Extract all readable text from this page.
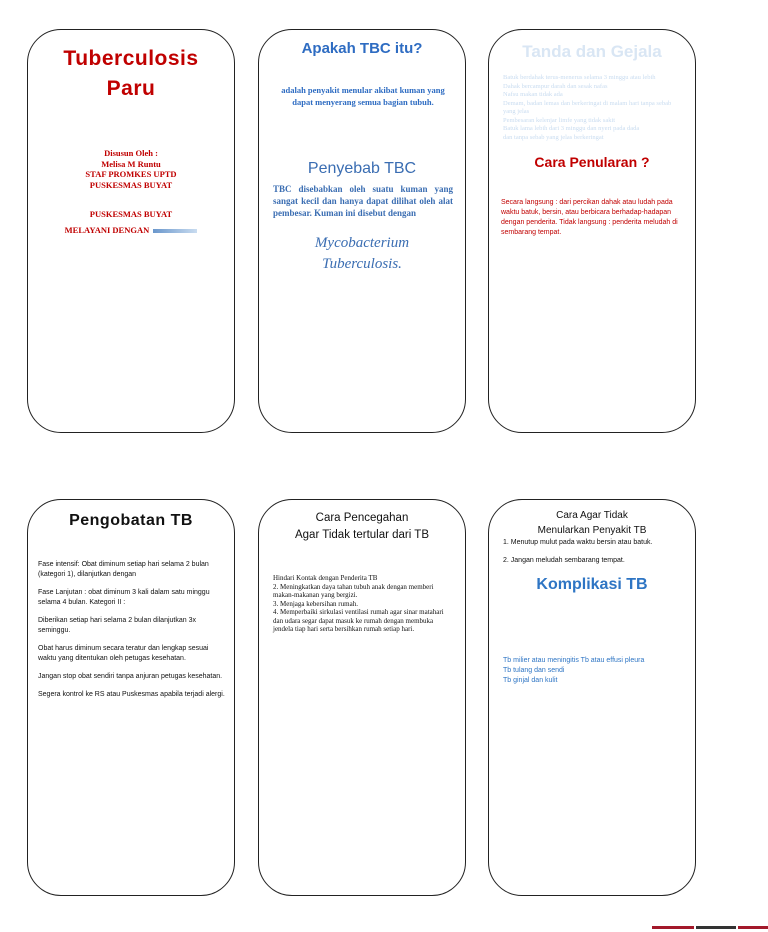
Tuberculosis
Paru
Disusun Oleh :
Melisa M Runtu
STAF PROMKES UPTD
PUSKESMAS BUYAT
PUSKESMAS BUYAT
MELAYANI DENGAN
Apakah TBC itu?
adalah penyakit menular akibat kuman yang dapat menyerang semua bagian tubuh.
Penyebab TBC
TBC disebabkan oleh suatu kuman yang sangat kecil dan hanya dapat dilihat oleh alat pembesar. Kuman ini disebut dengan
Mycobacterium
Tuberculosis.
Tanda dan Gejala
Batuk berdahak terus-menerus selama 3 minggu atau lebih
Dahak bercampur darah dan sesak nafas
Nafsu makan tidak ada
Demam, badan lemas dan berkeringat di malam hari tanpa sebab yang jelas
Pembesaran kelenjar limfe yang tidak sakit
Batuk lama lebih dari 3 minggu dan nyeri pada dada
dan tanpa sebab yang jelas berkeringat
Cara Penularan ?
Secara langsung : dari percikan dahak atau ludah pada waktu batuk, bersin, atau berbicara berhadap-hadapan dengan penderita. Tidak langsung : penderita meludah di sembarang tempat.
Pengobatan TB

Fase intensif: Obat diminum setiap hari selama 2 bulan (kategori 1), dilanjutkan dengan

Fase Lanjutan : obat diminum 3 kali dalam satu minggu selama 4 bulan. Kategori II :

Diberikan setiap hari selama 2 bulan dilanjutkan 3x seminggu.

Obat harus diminum secara teratur dan lengkap sesuai waktu yang ditentukan oleh petugas kesehatan.

Jangan stop obat sendiri tanpa anjuran petugas kesehatan.

Segera kontrol ke RS atau Puskesmas apabila terjadi alergi.

Cara Pencegahan
Agar Tidak tertular dari TB
Hindari Kontak dengan Penderita TB
2. Meningkatkan daya tahan tubuh anak dengan memberi makan-makanan yang bergizi.
3. Menjaga kebersihan rumah.
4. Memperbaiki sirkulasi ventilasi rumah agar sinar matahari dan udara segar dapat masuk ke rumah dengan membuka jendela tiap hari serta bersihkan rumah setiap hari.
Cara Agar Tidak
Menularkan Penyakit TB
1. Menutup mulut pada waktu bersin atau batuk.
2. Jangan meludah sembarang tempat.
Komplikasi TB
Tb milier atau meningitis Tb atau effusi pleura
Tb tulang dan sendi
Tb ginjal dan kulit
